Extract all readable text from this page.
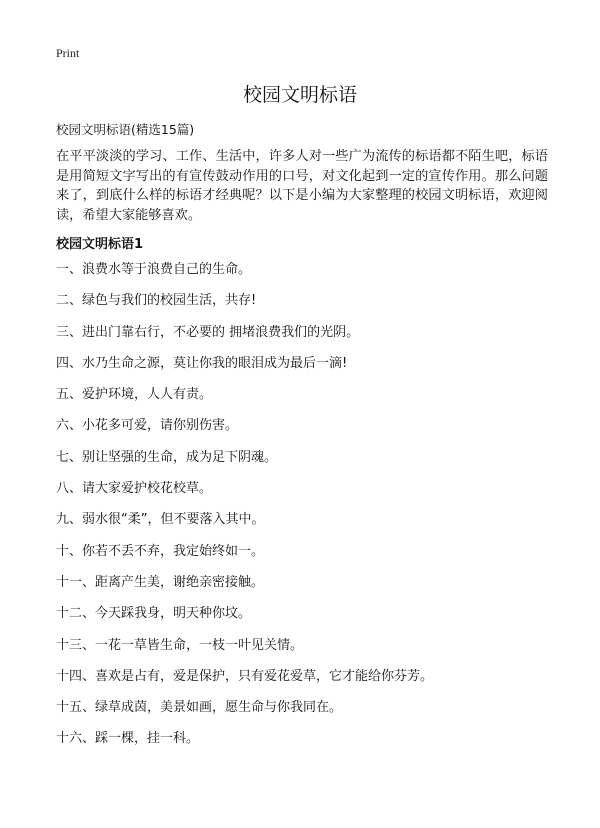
Print
校园文明标语
校园文明标语(精选15篇)

在平平淡淡的学习、工作、生活中，许多人对一些广为流传的标语都不陌生吧，标语是用简短文字写出的有宣传鼓动作用的口号，对文化起到一定的宣传作用。那么问题来了，到底什么样的标语才经典呢？以下是小编为大家整理的校园文明标语，欢迎阅读，希望大家能够喜欢。

校园文明标语1
一、浪费水等于浪费自己的生命。
二、绿色与我们的校园生活，共存!
三、进出门靠右行，不必要的 拥堵浪费我们的光阴。
四、水乃生命之源，莫让你我的眼泪成为最后一滴!
五、爱护环境，人人有责。
六、小花多可爱，请你别伤害。
七、别让坚强的生命，成为足下阴魂。
八、请大家爱护校花校草。
九、弱水很“柔”，但不要落入其中。
十、你若不丢不弃，我定始终如一。
十一、距离产生美，谢绝亲密接触。
十二、今天踩我身，明天种你坟。
十三、一花一草皆生命，一枝一叶见关情。
十四、喜欢是占有，爱是保护，只有爱花爱草，它才能给你芬芳。
十五、绿草成茵，美景如画，愿生命与你我同在。
十六、踩一棵，挂一科。
